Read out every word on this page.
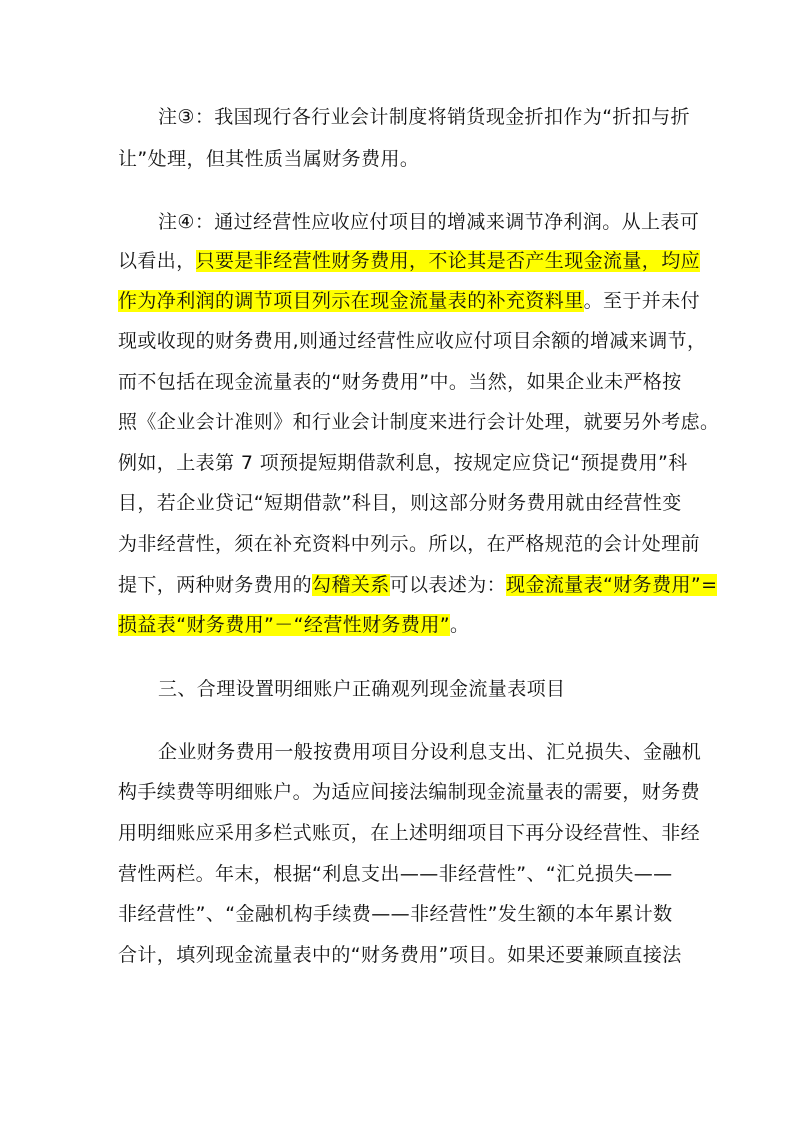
注③：我国现行各行业会计制度将销货现金折扣作为“折扣与折
让”处理，但其性质当属财务费用。
注④：通过经营性应收应付项目的增减来调节净利润。从上表可
以看出，只要是非经营性财务费用，不论其是否产生现金流量，均应
作为净利润的调节项目列示在现金流量表的补充资料里。至于并未付
现或收现的财务费用,则通过经营性应收应付项目余额的增减来调节，
而不包括在现金流量表的“财务费用”中。当然，如果企业未严格按
照《企业会计准则》和行业会计制度来进行会计处理，就要另外考虑。
例如，上表第 7 项预提短期借款利息，按规定应贷记“预提费用”科
目，若企业贷记“短期借款”科目，则这部分财务费用就由经营性变
为非经营性，须在补充资料中列示。所以，在严格规范的会计处理前
提下，两种财务费用的勾稽关系可以表述为：现金流量表“财务费用”=
损益表“财务费用”－“经营性财务费用”。
三、合理设置明细账户正确观列现金流量表项目
企业财务费用一般按费用项目分设利息支出、汇兑损失、金融机
构手续费等明细账户。为适应间接法编制现金流量表的需要，财务费
用明细账应采用多栏式账页，在上述明细项目下再分设经营性、非经
营性两栏。年末，根据“利息支出——非经营性”、“汇兑损失——
非经营性”、“金融机构手续费——非经营性”发生额的本年累计数
合计，填列现金流量表中的“财务费用”项目。如果还要兼顾直接法
